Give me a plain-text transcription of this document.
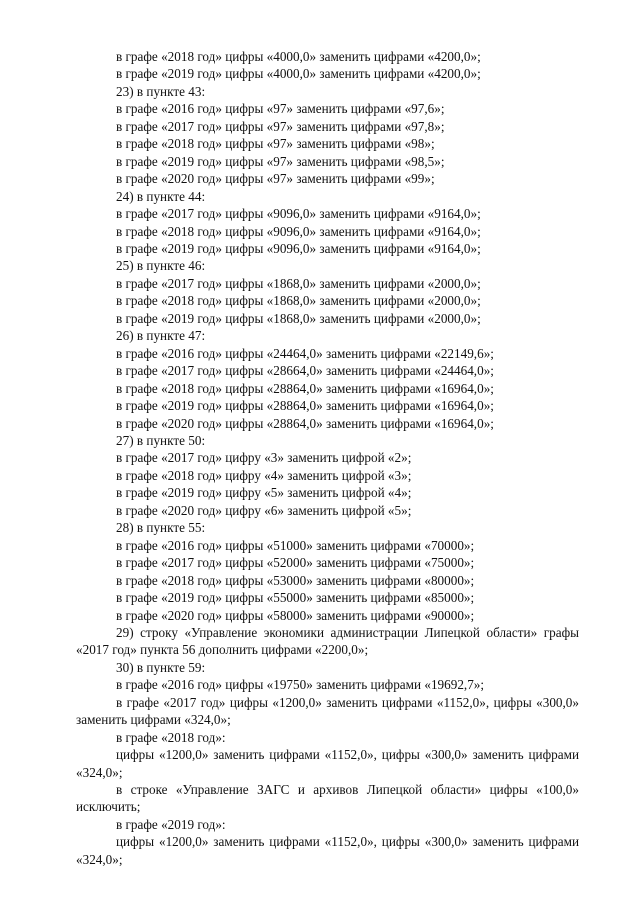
в графе «2018 год» цифры «4000,0» заменить цифрами «4200,0»;

в графе «2019 год» цифры «4000,0» заменить цифрами «4200,0»;

23) в пункте 43:

в графе «2016 год» цифры «97» заменить цифрами «97,6»;

в графе «2017 год» цифры «97» заменить цифрами «97,8»;

в графе «2018 год» цифры «97» заменить цифрами «98»;

в графе «2019 год» цифры «97» заменить цифрами «98,5»;

в графе «2020 год» цифры «97» заменить цифрами «99»;

24) в пункте 44:

в графе «2017 год» цифры «9096,0» заменить цифрами «9164,0»;

в графе «2018 год» цифры «9096,0» заменить цифрами «9164,0»;

в графе «2019 год» цифры «9096,0» заменить цифрами «9164,0»;

25) в пункте 46:

в графе «2017 год» цифры «1868,0» заменить цифрами «2000,0»;

в графе «2018 год» цифры «1868,0» заменить цифрами «2000,0»;

в графе «2019 год» цифры «1868,0» заменить цифрами «2000,0»;

26) в пункте 47:

в графе «2016 год» цифры «24464,0» заменить цифрами «22149,6»;

в графе «2017 год» цифры «28664,0» заменить цифрами «24464,0»;

в графе «2018 год» цифры «28864,0» заменить цифрами «16964,0»;

в графе «2019 год» цифры «28864,0» заменить цифрами «16964,0»;

в графе «2020 год» цифры «28864,0» заменить цифрами «16964,0»;

27) в пункте 50:

в графе «2017 год» цифру «3» заменить цифрой «2»;

в графе «2018 год» цифру «4» заменить цифрой «3»;

в графе «2019 год» цифру «5» заменить цифрой «4»;

в графе «2020 год» цифру «6» заменить цифрой «5»;

28) в пункте 55:

в графе «2016 год» цифры «51000» заменить цифрами «70000»;

в графе «2017 год» цифры «52000» заменить цифрами «75000»;

в графе «2018 год» цифры «53000» заменить цифрами «80000»;

в графе «2019 год» цифры «55000» заменить цифрами «85000»;

в графе «2020 год» цифры «58000» заменить цифрами «90000»;

29) строку «Управление экономики администрации Липецкой области» графы «2017 год» пункта 56 дополнить цифрами «2200,0»;

30) в пункте 59:

в графе «2016 год» цифры «19750» заменить цифрами «19692,7»;

в графе «2017 год» цифры «1200,0» заменить цифрами «1152,0», цифры «300,0» заменить цифрами «324,0»;

в графе «2018 год»:

цифры «1200,0» заменить цифрами «1152,0», цифры «300,0» заменить цифрами «324,0»;

в строке «Управление ЗАГС и архивов Липецкой области» цифры «100,0» исключить;

в графе «2019 год»:

цифры «1200,0» заменить цифрами «1152,0», цифры «300,0» заменить цифрами «324,0»;
